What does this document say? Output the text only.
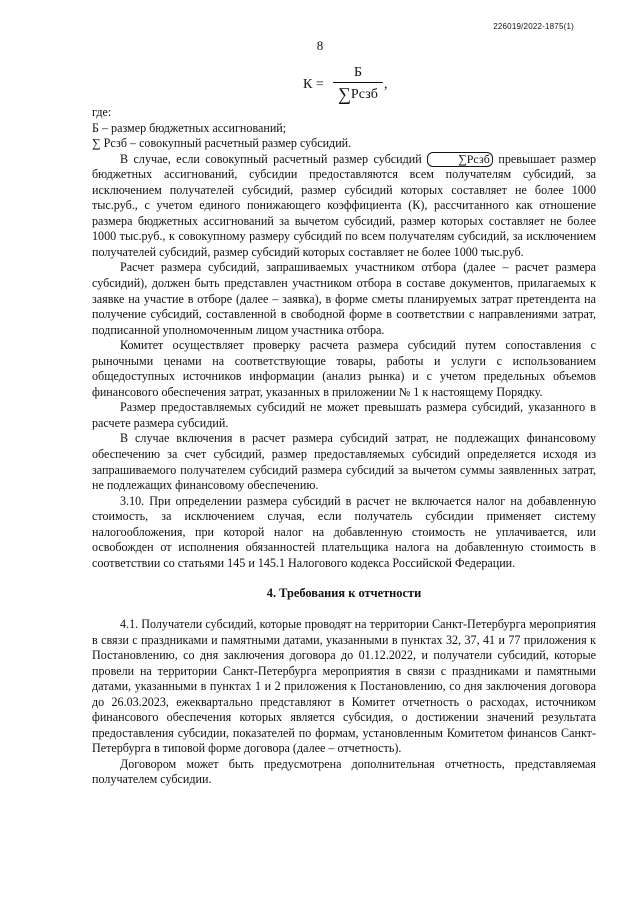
226019/2022-1875(1)
8
К =
Б
∑Рсзб
,

где:

Б – размер бюджетных ассигнований;

∑ Рсзб – совокупный расчетный размер субсидий.

В случае, если совокупный расчетный размер субсидий	∑Рсзб превышает размер бюджетных ассигнований, субсидии предоставляются всем получателям субсидий, за исключением получателей субсидий, размер субсидий которых составляет не более 1000 тыс.руб., с учетом единого понижающего коэффициента (К), рассчитанного как отношение размера бюджетных ассигнований за вычетом субсидий, размер которых составляет не более 1000 тыс.руб., к совокупному размеру субсидий по всем получателям субсидий, за исключением получателей субсидий, размер субсидий которых составляет не более 1000 тыс.руб.

Расчет размера субсидий, запрашиваемых участником отбора (далее – расчет размера субсидий), должен быть представлен участником отбора в составе документов, прилагаемых к заявке на участие в отборе (далее – заявка), в форме сметы планируемых затрат претендента на получение субсидий, составленной в свободной форме в соответствии с направлениями затрат, подписанной уполномоченным лицом участника отбора.

Комитет осуществляет проверку расчета размера субсидий путем сопоставления с рыночными ценами на соответствующие товары, работы и услуги с использованием общедоступных источников информации (анализ рынка) и с учетом предельных объемов финансового обеспечения затрат, указанных в приложении № 1 к настоящему Порядку.

Размер предоставляемых субсидий не может превышать размера субсидий, указанного в расчете размера субсидий.

В случае включения в расчет размера субсидий затрат, не подлежащих финансовому обеспечению за счет субсидий, размер предоставляемых субсидий определяется исходя из запрашиваемого получателем субсидий размера субсидий за вычетом суммы заявленных затрат, не подлежащих финансовому обеспечению.

3.10. При определении размера субсидий в расчет не включается налог на добавленную стоимость, за исключением случая, если получатель субсидии применяет систему налогообложения, при которой налог на добавленную стоимость не уплачивается, или освобожден от исполнения обязанностей плательщика налога на добавленную стоимость в соответствии со статьями 145 и 145.1 Налогового кодекса Российской Федерации.

4. Требования к отчетности

4.1. Получатели субсидий, которые проводят на территории Санкт-Петербурга мероприятия в связи с праздниками и памятными датами, указанными в пунктах 32, 37, 41 и 77 приложения к Постановлению, со дня заключения договора до 01.12.2022, и получатели субсидий, которые провели на территории Санкт-Петербурга мероприятия в связи с праздниками и памятными датами, указанными в пунктах 1 и 2 приложения к Постановлению, со дня заключения договора до 26.03.2023, ежеквартально представляют в Комитет отчетность о расходах, источником финансового обеспечения которых является субсидия, о достижении значений результата предоставления субсидии, показателей по формам, установленным Комитетом финансов Санкт-Петербурга в типовой форме договора (далее – отчетность).

Договором может быть предусмотрена дополнительная отчетность, представляемая получателем субсидии.
